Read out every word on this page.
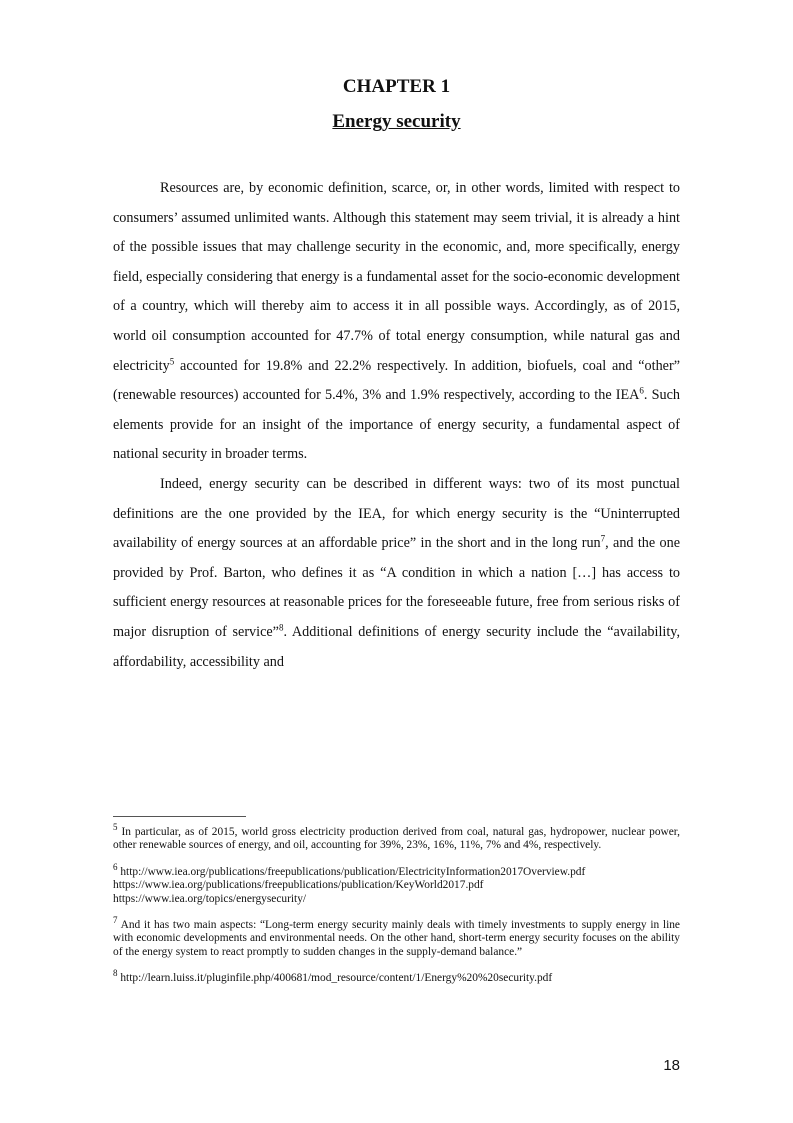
CHAPTER 1
Energy security

Resources are, by economic definition, scarce, or, in other words, limited with respect to consumers’ assumed unlimited wants. Although this statement may seem trivial, it is already a hint of the possible issues that may challenge security in the economic, and, more specifically, energy field, especially considering that energy is a fundamental asset for the socio-economic development of a country, which will thereby aim to access it in all possible ways. Accordingly, as of 2015, world oil consumption accounted for 47.7% of total energy consumption, while natural gas and electricity$^5$ accounted for 19.8% and 22.2% respectively. In addition, biofuels, coal and “other” (renewable resources) accounted for 5.4%, 3% and 1.9% respectively, according to the IEA$^6$. Such elements provide for an insight of the importance of energy security, a fundamental aspect of national security in broader terms.

Indeed, energy security can be described in different ways: two of its most punctual definitions are the one provided by the IEA, for which energy security is the “Uninterrupted availability of energy sources at an affordable price” in the short and in the long run$^7$, and the one provided by Prof. Barton, who defines it as “A condition in which a nation […] has access to sufficient energy resources at reasonable prices for the foreseeable future, free from serious risks of major disruption of service”$^8$. Additional definitions of energy security include the “availability, affordability, accessibility and

$^5$ In particular, as of 2015, world gross electricity production derived from coal, natural gas, hydropower, nuclear power, other renewable sources of energy, and oil, accounting for 39%, 23%, 16%, 11%, 7% and 4%, respectively.
$^6$ http://www.iea.org/publications/freepublications/publication/ElectricityInformation2017Overview.pdf
https://www.iea.org/publications/freepublications/publication/KeyWorld2017.pdf
https://www.iea.org/topics/energysecurity/
$^7$ And it has two main aspects: “Long-term energy security mainly deals with timely investments to supply energy in line with economic developments and environmental needs. On the other hand, short-term energy security focuses on the ability of the energy system to react promptly to sudden changes in the supply-demand balance.”
$^8$ http://learn.luiss.it/pluginfile.php/400681/mod_resource/content/1/Energy%20%20security.pdf
18
